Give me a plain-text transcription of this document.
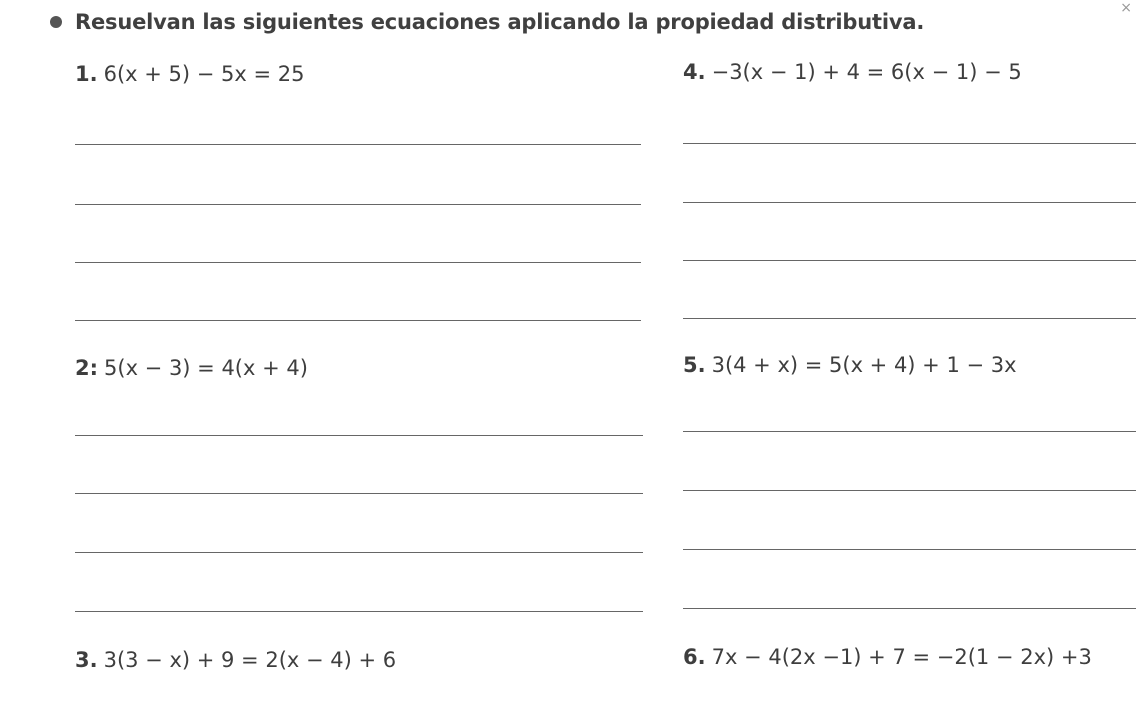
Resuelvan las siguientes ecuaciones aplicando la propiedad distributiva.
×
1. 6(x + 5) − 5x = 25
2: 5(x − 3) = 4(x + 4)
3. 3(3 − x) + 9 = 2(x − 4) + 6
4. −3(x − 1) + 4 = 6(x − 1) − 5
5. 3(4 + x) = 5(x + 4) + 1 − 3x
6. 7x − 4(2x −1) + 7 = −2(1 − 2x) +3
